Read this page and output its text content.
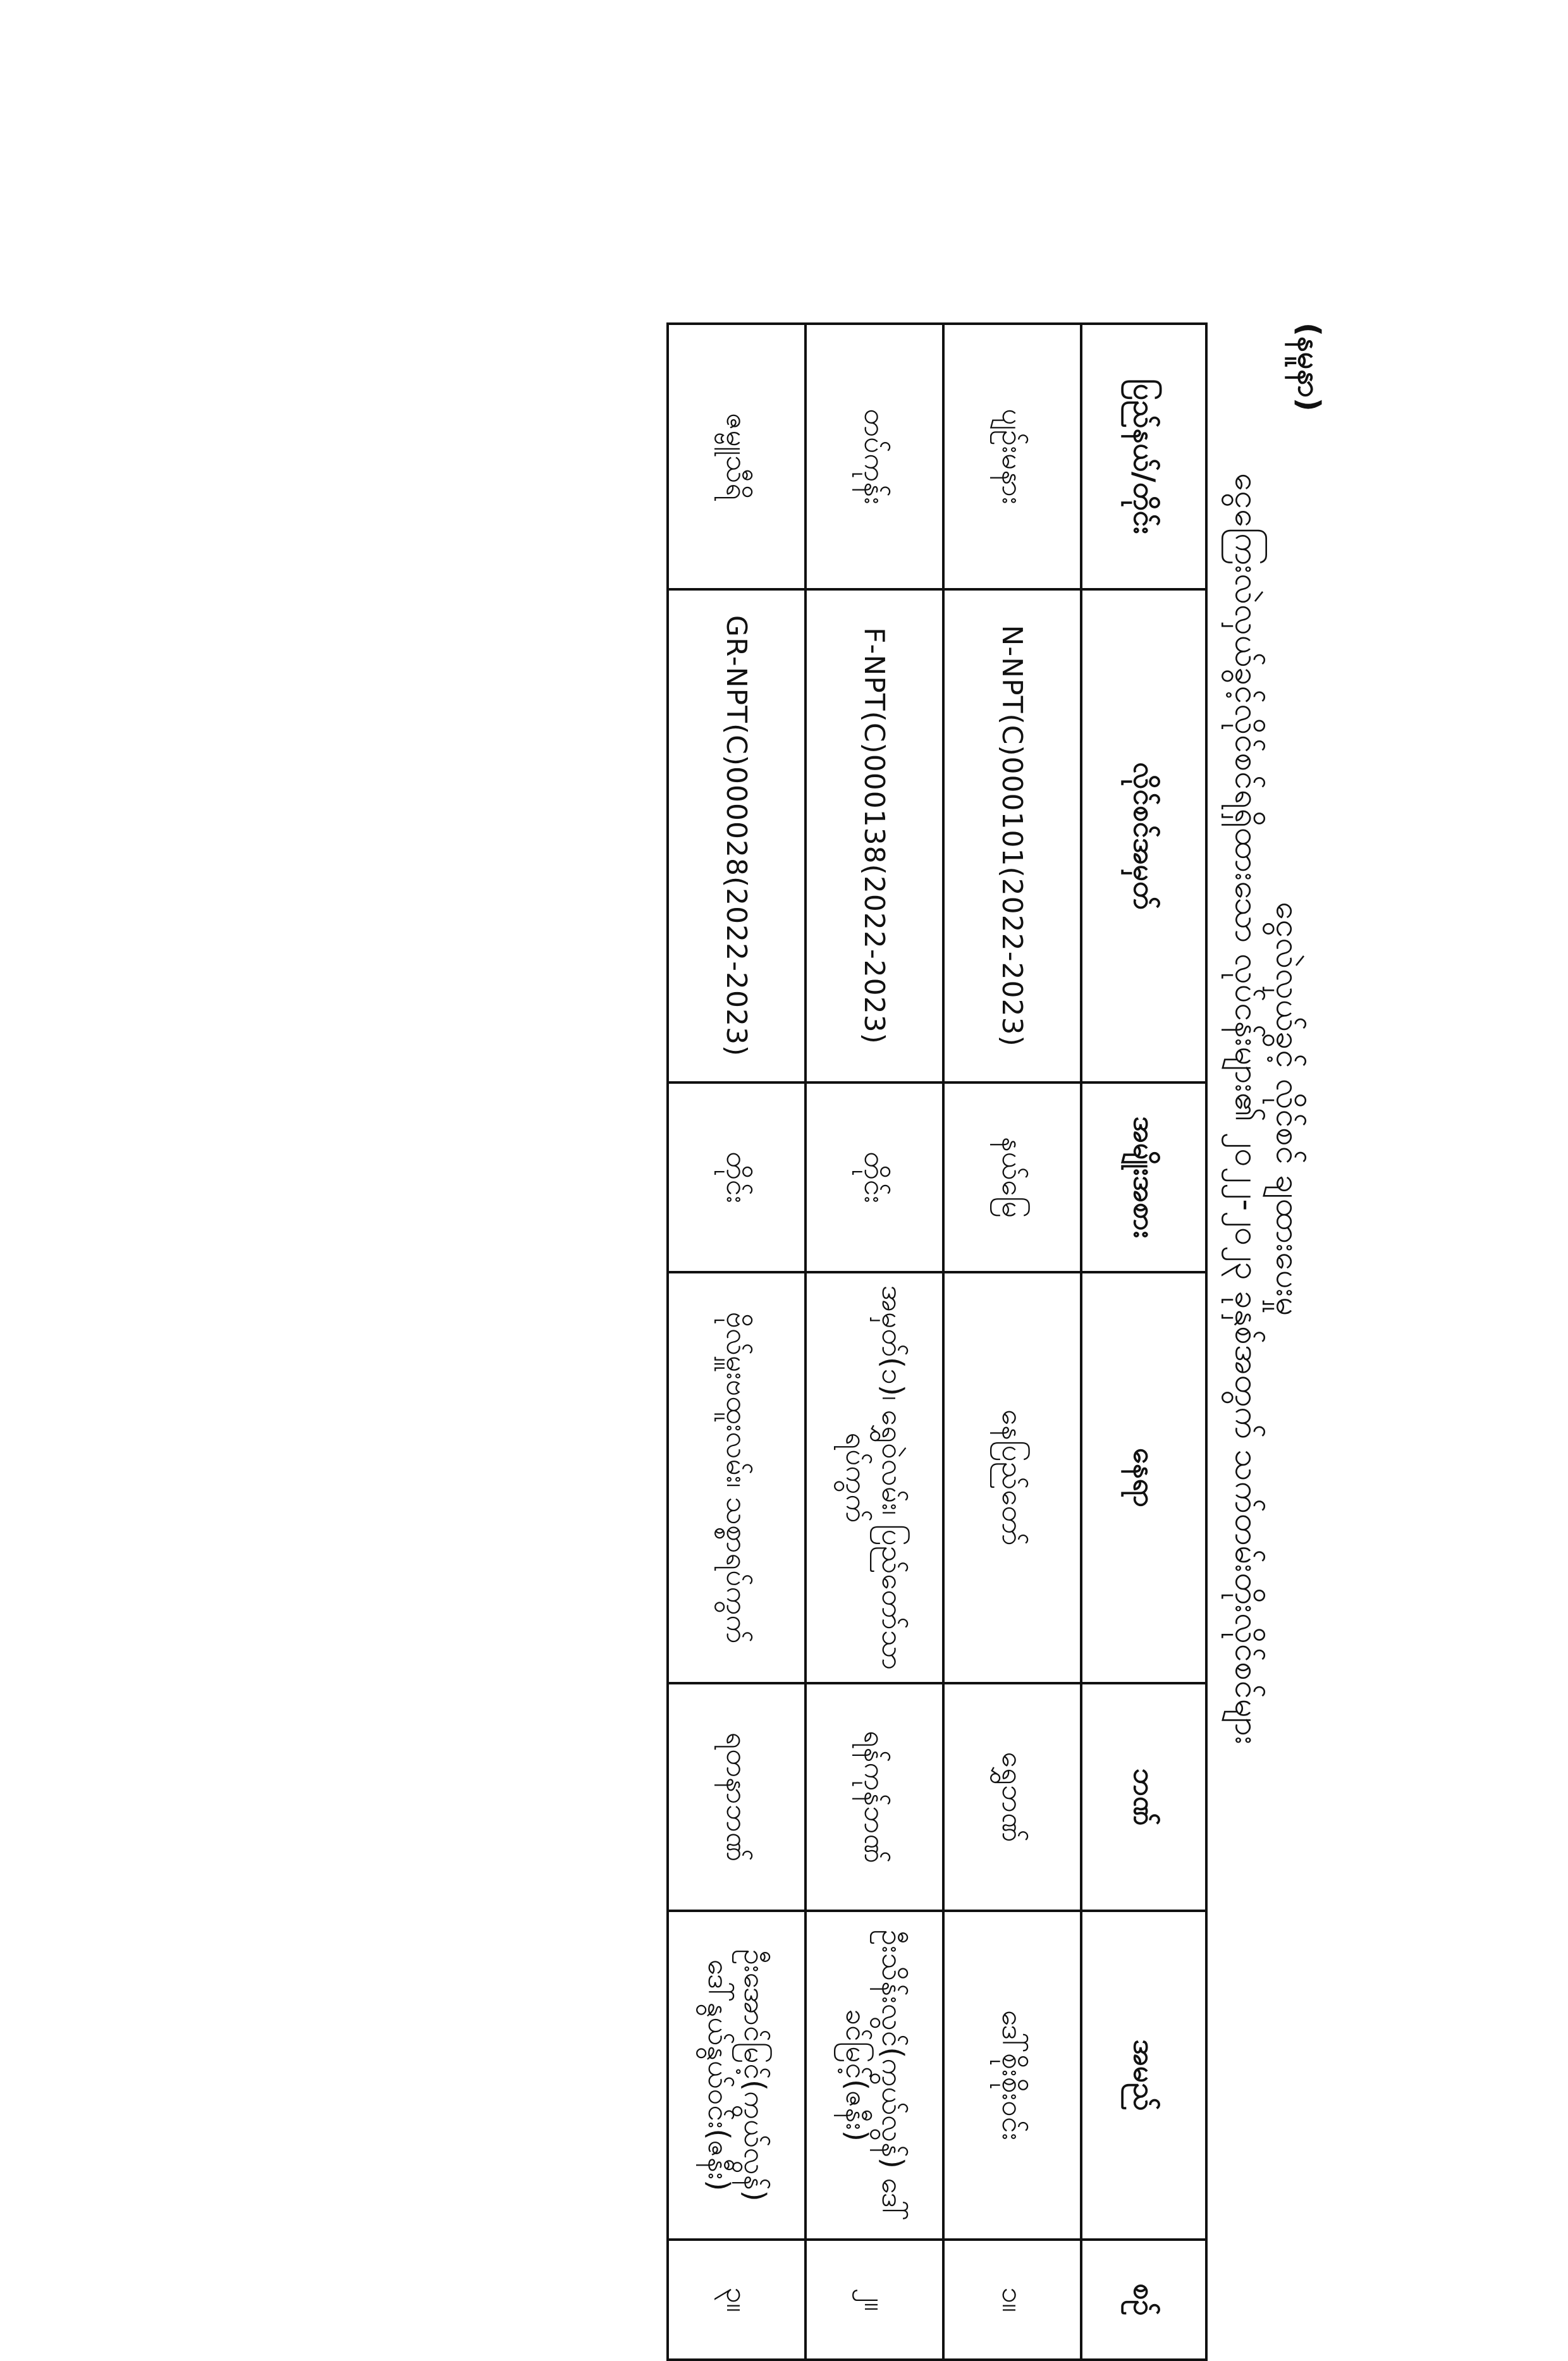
(နမူနာ)
ငွေလဲလှယ်ခွင့် လိုင်စင် ချထားပေးမှု
ငွေကြေးလဲလှယ်ခွင့်လိုင်စင်ရရှိထားသော လုပ်ငန်းများ၏ ၂၀၂၂-၂၀၂၃ ခုနှစ်အတွက် သက်တမ်းတိုးလိုင်စင်များ
ပြည်နယ်/တိုင်း	လိုင်စင်အမှတ်	အမျိုးအစား	နေရာ	ဘဏ်	အမည်	စဉ်
ပျဉ်းမနား	N-NPT(C)000101(2022-2023)	နယ်မြေ	နေပြည်တော်	ရွှေဘဏ်	ဒေါ်စိုးစိုးဝင်း	၁။
တပ်ကုန်း	F-NPT(C)000138(2022-2023)	တိုင်း	အမှတ်(၁)၊ ရွှေဝဲလမ်း၊ ပြည်တော်သာရပ်ကွက်	ရန်ကုန်ဘဏ်	ဦးသိန်းလွင်(ကွယ်လွန်) ဒေါ်ခင်မြင့်(ဇနီး)	၂။
ဇမ္ဗူသီရိ	GR-NPT(C)000028(2022-2023)	တိုင်း	ဗိုလ်မှူးဗထူးလမ်း၊ သစ္စာရပ်ကွက်	ရတနာဘဏ်	ဦးအောင်မြင့်(ကွယ်လွန်) ဒေါ်နွယ်နွယ်ဝင်း(ဇနီး)	၃။
